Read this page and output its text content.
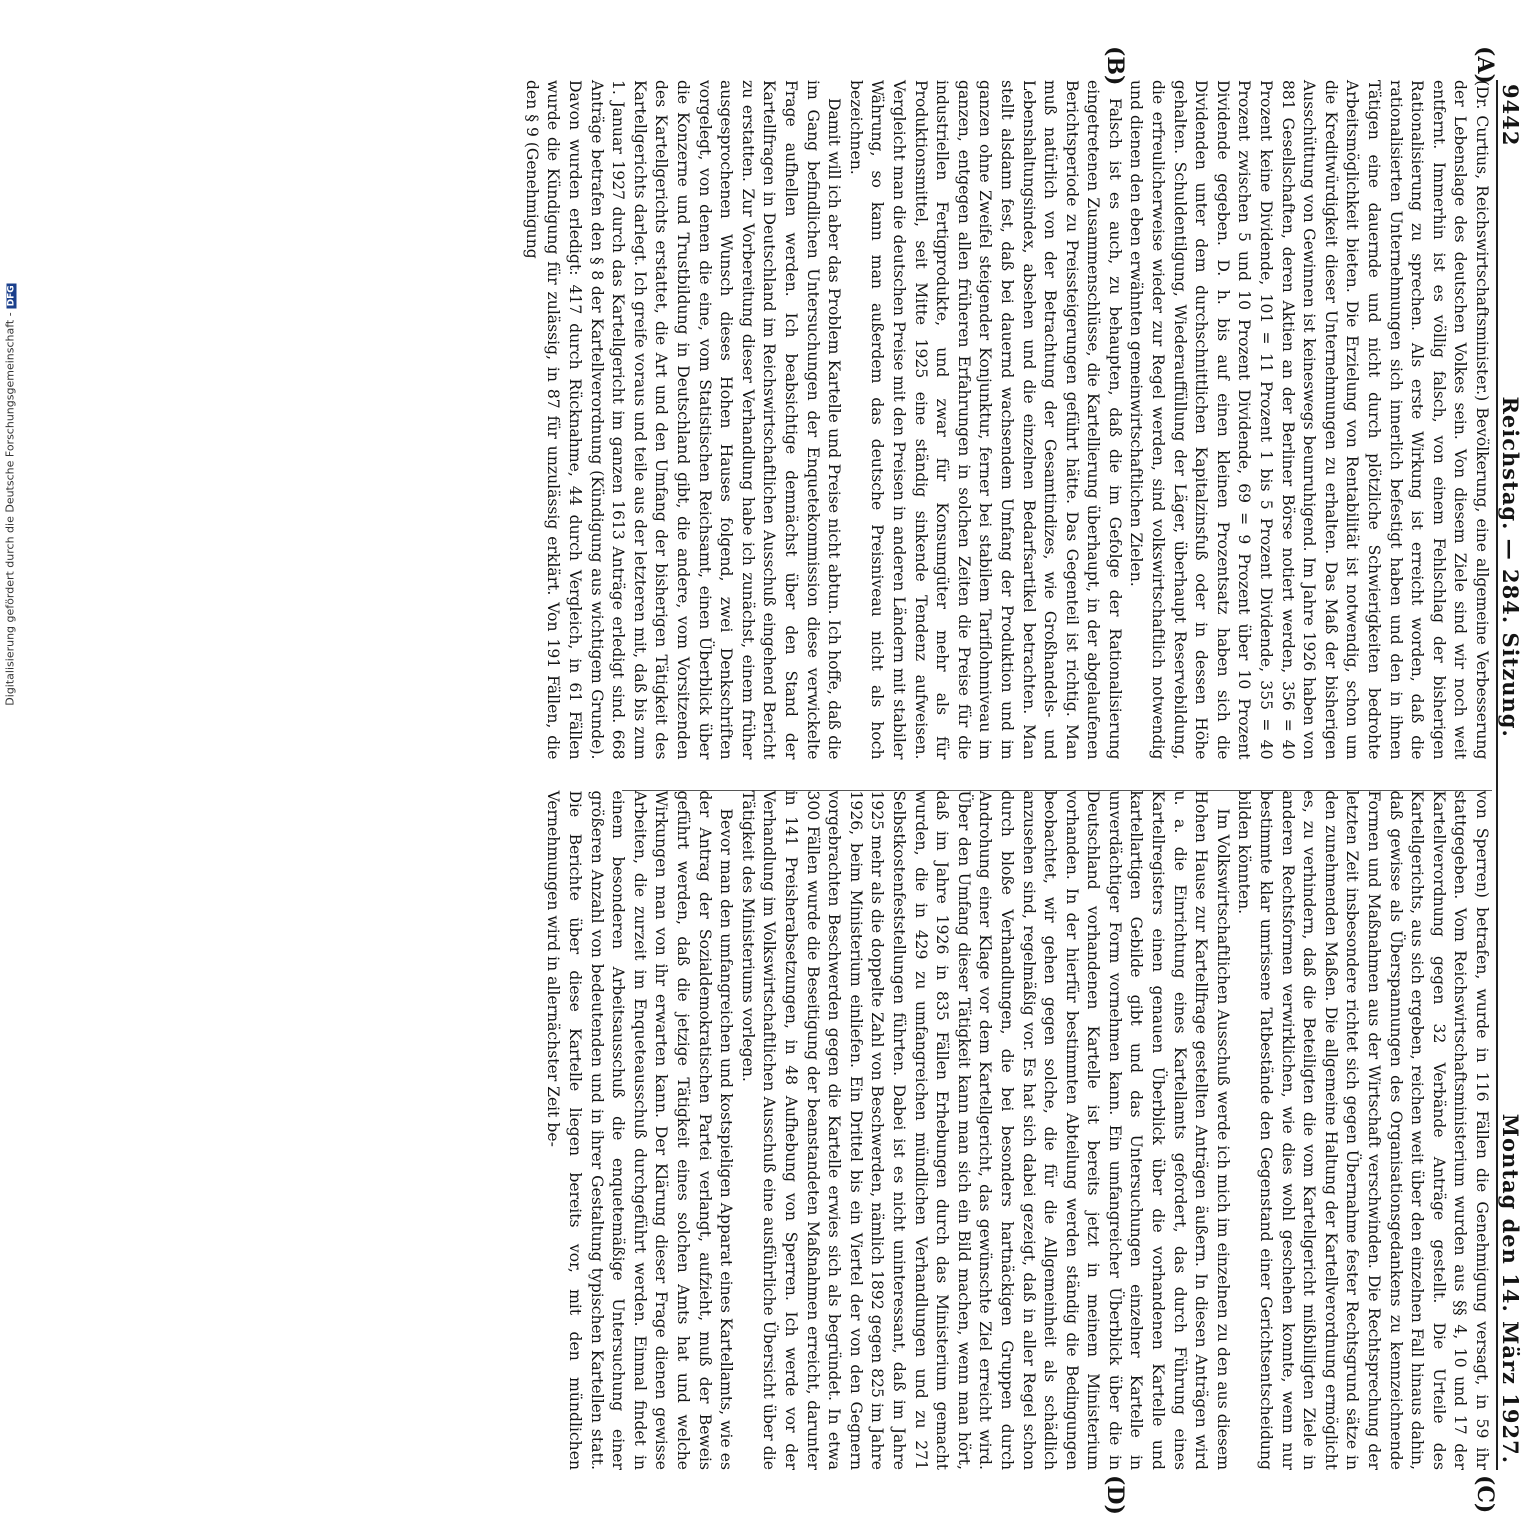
9442
Reichstag. — 284. Sitzung.
Montag den 14. März 1927.

(Dr. Curtius, Reichswirtschaftsminister.) Bevölkerung, eine allgemeine Verbesserung der Lebenslage des deutschen Volkes sein. Von diesem Ziele sind wir noch weit entfernt. Immerhin ist es völlig falsch, von einem Fehlschlag der bisherigen Rationalisierung zu sprechen. Als erste Wirkung ist erreicht worden, daß die rationalisierten Unternehmungen sich innerlich befestigt haben und den in ihnen Tätigen eine dauernde und nicht durch plötzliche Schwierigkeiten bedrohte Arbeitsmöglichkeit bieten. Die Erzielung von Rentabilität ist notwendig, schon um die Kreditwürdigkeit dieser Unternehmungen zu erhalten. Das Maß der bisherigen Ausschüttung von Gewinnen ist keineswegs beunruhigend. Im Jahre 1926 haben von 881 Gesellschaften, deren Aktien an der Berliner Börse notiert werden, 356 = 40 Prozent keine Dividende, 101 = 11 Prozent 1 bis 5 Prozent Dividende, 355 = 40 Prozent zwischen 5 und 10 Prozent Dividende, 69 = 9 Prozent über 10 Prozent Dividende gegeben. D. h. bis auf einen kleinen Prozentsatz haben sich die Dividenden unter dem durchschnittlichen Kapitalzinsfuß oder in dessen Höhe gehalten. Schuldentilgung, Wiederauffüllung der Läger, überhaupt Reservebildung, die erfreulicherweise wieder zur Regel werden, sind volkswirtschaftlich notwendig und dienen den eben erwähnten gemeinwirtschaftlichen Zielen.

Falsch ist es auch, zu behaupten, daß die im Gefolge der Rationalisierung eingetretenen Zusammenschlüsse, die Kartellierung überhaupt, in der abgelaufenen Berichtsperiode zu Preissteigerungen geführt hätte. Das Gegenteil ist richtig. Man muß natürlich von der Betrachtung der Gesamtindizes, wie Großhandels- und Lebenshaltungsindex, absehen und die einzelnen Bedarfsartikel betrachten. Man stellt alsdann fest, daß bei dauernd wachsendem Umfang der Produktion und im ganzen ohne Zweifel steigender Konjunktur, ferner bei stabilem Tariflohnniveau im ganzen, entgegen allen früheren Erfahrungen in solchen Zeiten die Preise für die industriellen Fertigprodukte, und zwar für Konsumgüter mehr als für Produktionsmittel, seit Mitte 1925 eine ständig sinkende Tendenz aufweisen. Vergleicht man die deutschen Preise mit den Preisen in anderen Ländern mit stabiler Währung, so kann man außerdem das deutsche Preisniveau nicht als hoch bezeichnen.

Damit will ich aber das Problem Kartelle und Preise nicht abtun. Ich hoffe, daß die im Gang befindlichen Untersuchungen der Enquetekommission diese verwickelte Frage aufhellen werden. Ich beabsichtige demnächst über den Stand der Kartellfragen in Deutschland im Reichswirtschaftlichen Ausschuß eingehend Bericht zu erstatten. Zur Vorbereitung dieser Verhandlung habe ich zunächst, einem früher ausgesprochenen Wunsch dieses Hohen Hauses folgend, zwei Denkschriften vorgelegt, von denen die eine, vom Statistischen Reichsamt, einen Überblick über die Konzerne und Trustbildung in Deutschland gibt, die andere, vom Vorsitzenden des Kartellgerichts erstattet, die Art und den Umfang der bisherigen Tätigkeit des Kartellgerichts darlegt. Ich greife voraus und teile aus der letzteren mit, daß bis zum 1. Januar 1927 durch das Kartellgericht im ganzen 1613 Anträge erledigt sind. 668 Anträge betrafen den § 8 der Kartellverordnung (Kündigung aus wichtigem Grunde). Davon wurden erledigt: 417 durch Rücknahme, 44 durch Vergleich, in 61 Fällen wurde die Kündigung für zulässig, in 87 für unzulässig erklärt. Von 191 Fällen, die den § 9 (Genehmigung

von Sperren) betrafen, wurde in 116 Fällen die Genehmigung versagt, in 59 ihr stattgegeben. Vom Reichswirtschaftsministerium wurden aus §§ 4, 10 und 17 der Kartellverordnung gegen 32 Verbände Anträge gestellt. Die Urteile des Kartellgerichts, aus sich ergeben, reichen weit über den einzelnen Fall hinaus dahin, daß gewisse als Überspannungen des Organisationsgedankens zu kennzeichnende Formen und Maßnahmen aus der Wirtschaft verschwinden. Die Rechtsprechung der letzten Zeit insbesondere richtet sich gegen Übernahme fester Rechtsgrund sätze in den zunehmenden Maßen. Die allgemeine Haltung der Kartellverordnung ermöglicht es, zu verhindern, daß die Beteiligten die vom Kartellgericht mißbilligten Ziele in anderen Rechtsformen verwirklichen, wie dies wohl geschehen konnte, wenn nur bestimmte klar umrissene Tatbestände den Gegenstand einer Gerichtsentscheidung bilden könnten.

Im Volkswirtschaftlichen Ausschuß werde ich mich im einzelnen zu den aus diesem Hohen Hause zur Kartellfrage gestellten Anträgen äußern. In diesen Anträgen wird u. a. die Einrichtung eines Kartellamts gefordert, das durch Führung eines Kartellregisters einen genauen Überblick über die vorhandenen Kartelle und kartellartigen Gebilde gibt und das Untersuchungen einzelner Kartelle in unverdächtiger Form vornehmen kann. Ein umfangreicher Überblick über die in Deutschland vorhandenen Kartelle ist bereits jetzt in meinem Ministerium vorhanden. In der hierfür bestimmten Abteilung werden ständig die Bedingungen beobachtet, wir gehen gegen solche, die für die Allgemeinheit als schädlich anzusehen sind, regelmäßig vor. Es hat sich dabei gezeigt, daß in aller Regel schon durch bloße Verhandlungen, die bei besonders hartnäckigen Gruppen durch Androhung einer Klage vor dem Kartellgericht, das gewünschte Ziel erreicht wird. Über den Umfang dieser Tätigkeit kann man sich ein Bild machen, wenn man hört, daß im Jahre 1926 in 835 Fällen Erhebungen durch das Ministerium gemacht wurden, die in 429 zu umfangreichen mündlichen Verhandlungen und zu 271 Selbstkostenfeststellungen führten. Dabei ist es nicht uninteressant, daß im Jahre 1925 mehr als die doppelte Zahl von Beschwerden, nämlich 1892 gegen 825 im Jahre 1926, beim Ministerium einliefen. Ein Drittel bis ein Viertel der von den Gegnern vorgebrachten Beschwerden gegen die Kartelle erwies sich als begründet. In etwa 300 Fällen wurde die Beseitigung der beanstandeten Maßnahmen erreicht, darunter in 141 Preisherabsetzungen, in 48 Aufhebung von Sperren. Ich werde vor der Verhandlung im Volkswirtschaftlichen Ausschuß eine ausführliche Übersicht über die Tätigkeit des Ministeriums vorlegen.

Bevor man den umfangreichen und kostspieligen Apparat eines Kartellamts, wie es der Antrag der Sozialdemokratischen Partei verlangt, aufzieht, muß der Beweis geführt werden, daß die jetzige Tätigkeit eines solchen Amts hat und welche Wirkungen man von ihr erwarten kann. Der Klärung dieser Frage dienen gewisse Arbeiten, die zurzeit im Enqueteausschuß durchgeführt werden. Einmal findet in einem besonderen Arbeitsausschuß die enquetemäßige Untersuchung einer größeren Anzahl von bedeutenden und in ihrer Gestaltung typischen Kartellen statt. Die Berichte über diese Kartelle liegen bereits vor, mit den mündlichen Vernehmungen wird in allernächster Zeit be-

(A)
(B)
(C)
(D)
Digitalisierung gefördert durch die Deutsche Forschungsgemeinschaft -DFG
